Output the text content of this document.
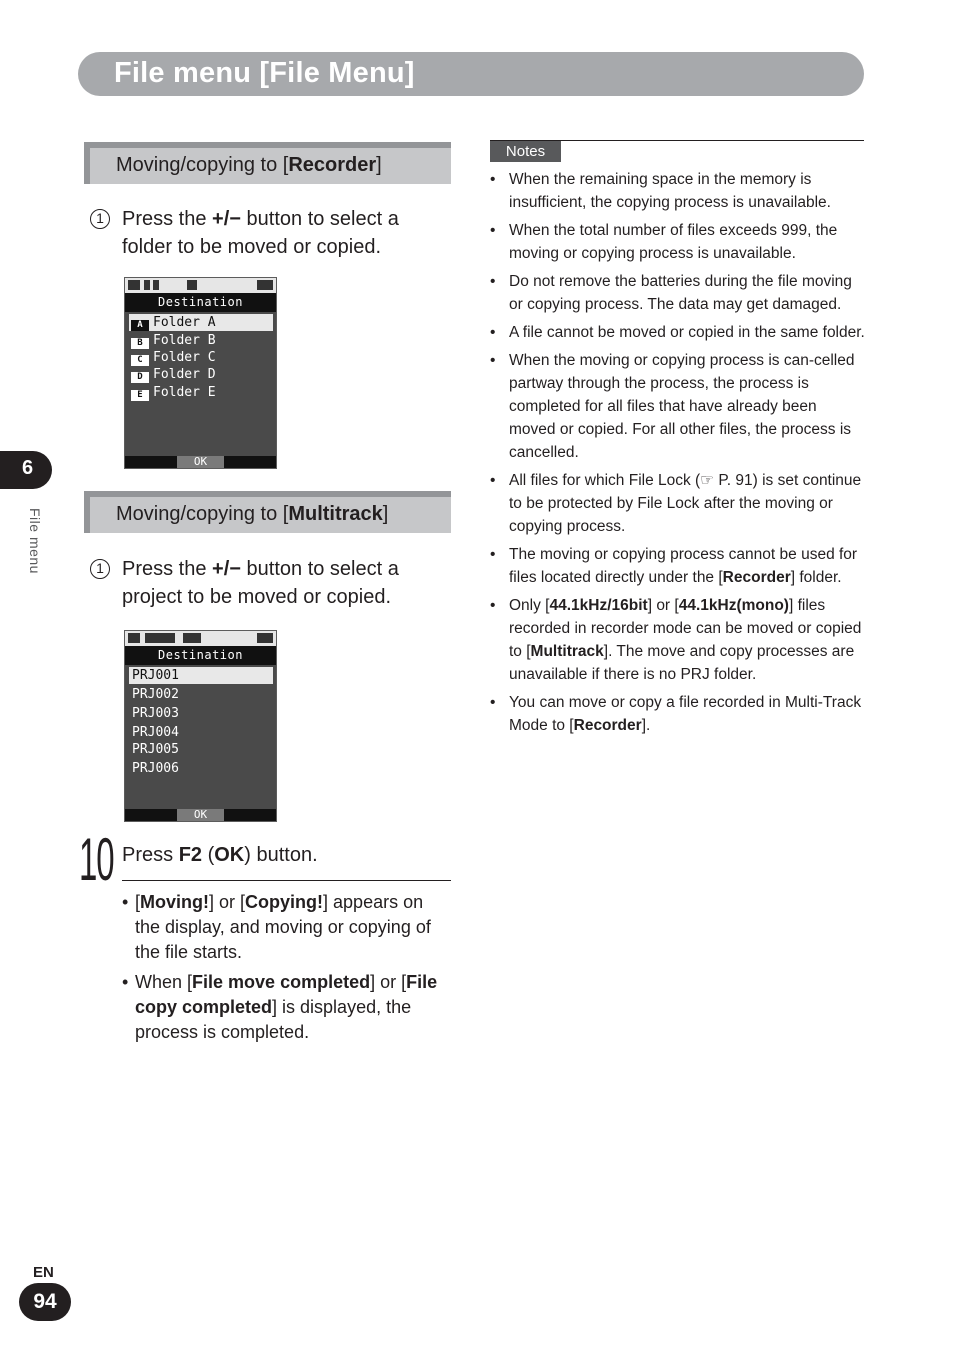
File menu [File Menu]
Moving/copying to [Recorder]
1 Press the +/− button to select a folder to be moved or copied.
Destination
A Folder A
B Folder B
C Folder C
D Folder D
E Folder E
OK
Moving/copying to [Multitrack]
1 Press the +/− button to select a project to be moved or copied.
Destination
PRJ001
PRJ002
PRJ003
PRJ004
PRJ005
PRJ006
OK
10 Press F2 (OK) button.
• [Moving!] or [Copying!] appears on the display, and moving or copying of the file starts.
• When [File move completed] or [File copy completed] is displayed, the process is completed.
Notes
• When the remaining space in the memory is insufficient, the copying process is unavailable.
• When the total number of files exceeds 999, the moving or copying process is unavailable.
• Do not remove the batteries during the file moving or copying process. The data may get damaged.
• A file cannot be moved or copied in the same folder.
• When the moving or copying process is can-celled partway through the process, the process is completed for all files that have already been moved or copied. For all other files, the process is cancelled.
• All files for which File Lock (☞ P. 91) is set continue to be protected by File Lock after the moving or copying process.
• The moving or copying process cannot be used for files located directly under the [Recorder] folder.
• Only [44.1kHz/16bit] or [44.1kHz(mono)] files recorded in recorder mode can be moved or copied to [Multitrack]. The move and copy processes are unavailable if there is no PRJ folder.
• You can move or copy a file recorded in Multi-Track Mode to [Recorder].
6
File menu
EN
94
